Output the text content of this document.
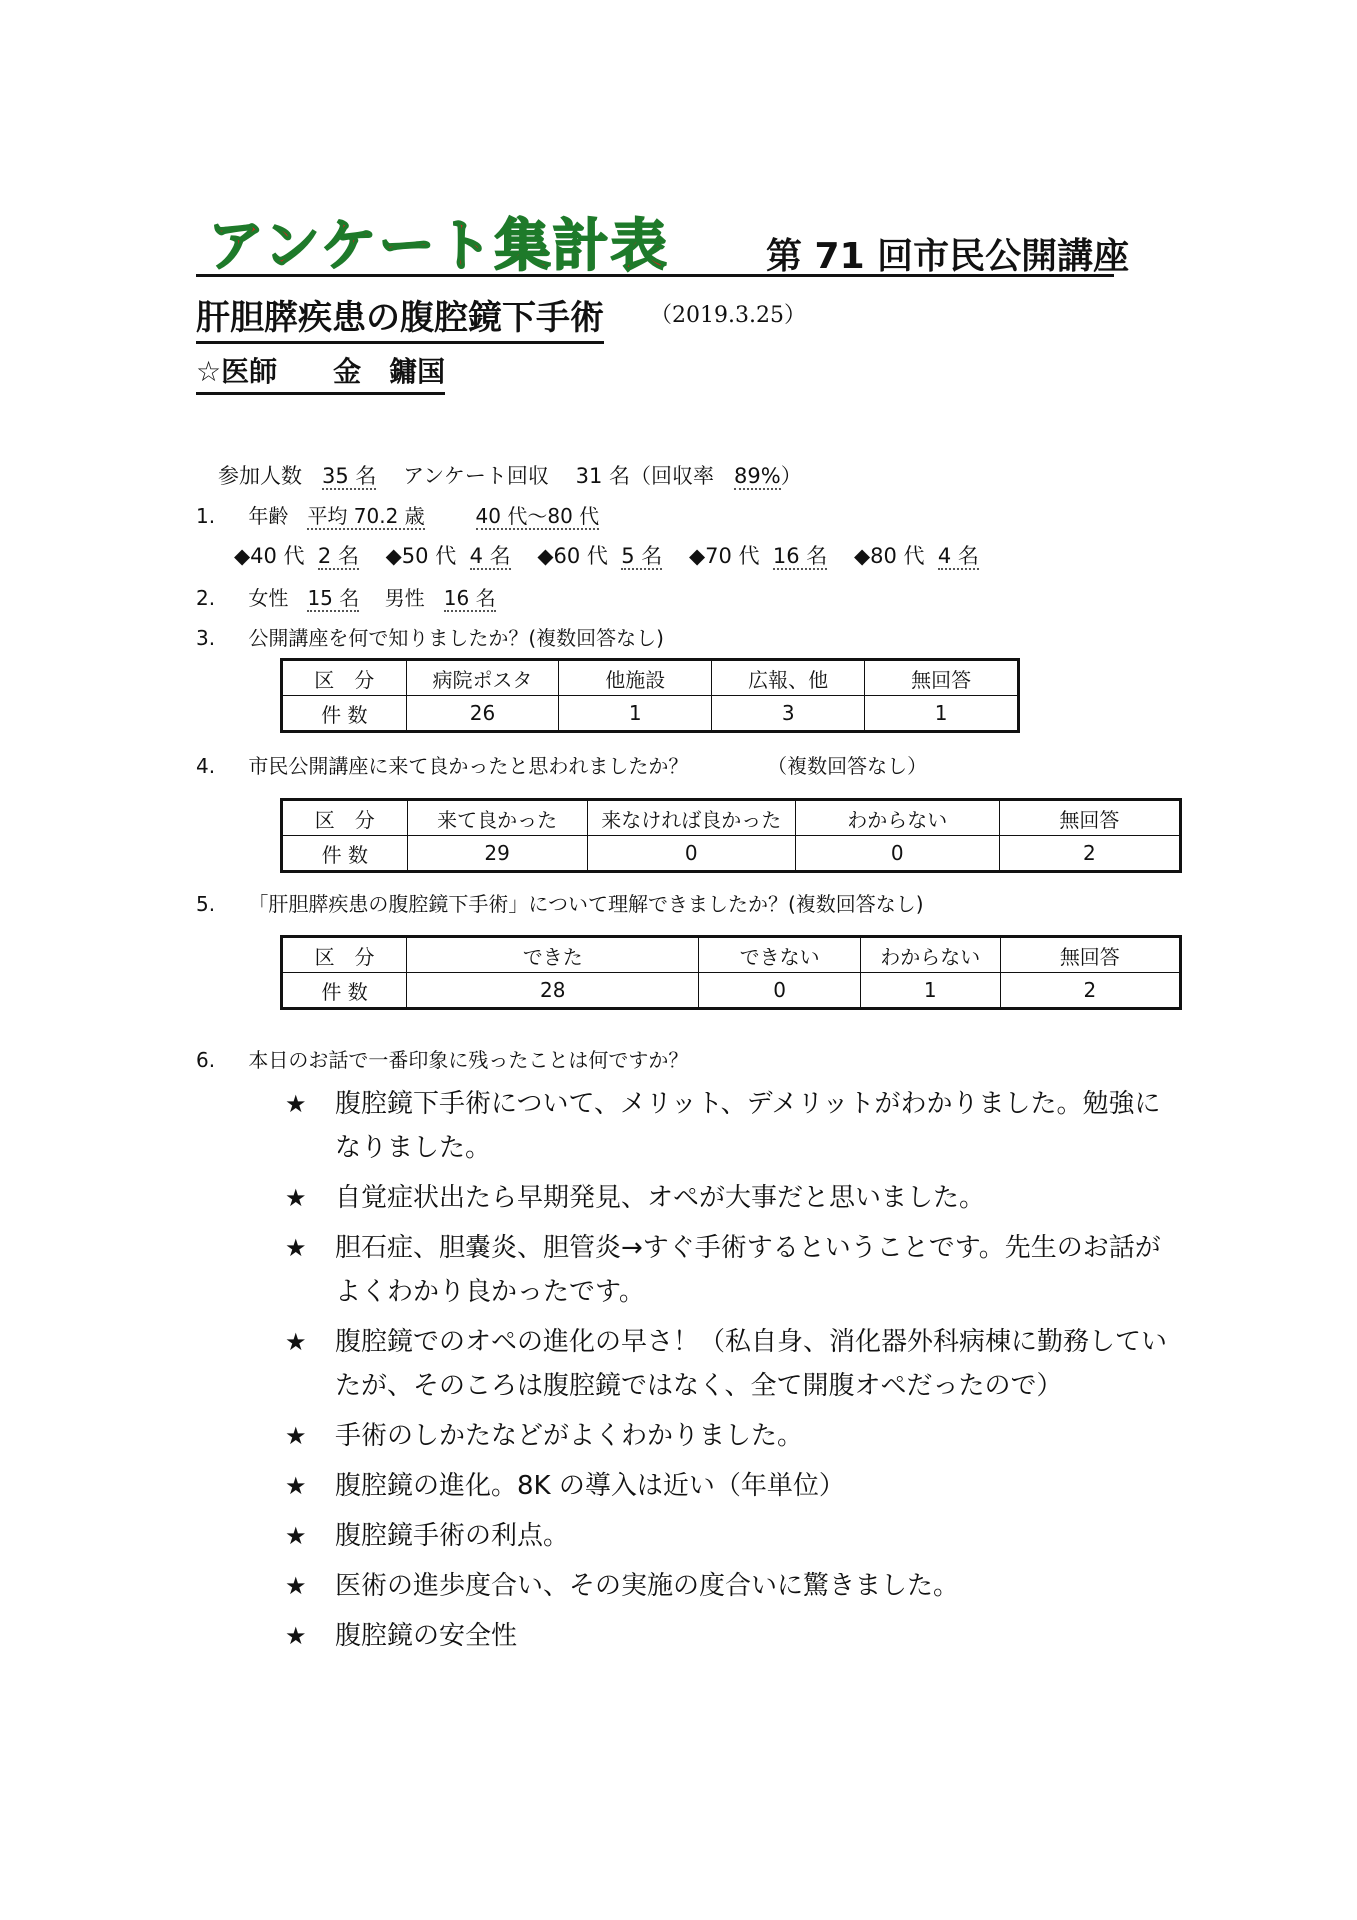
アンケート集計表	第 71 回市民公開講座
肝胆膵疾患の腹腔鏡下手術 （2019.3.25）
☆医師　　金　鏞国
参加人数 35 名 アンケート回収 31 名（回収率 89%）
1. 年齢 平均 70.2 歳	40 代～80 代
◆40 代 2 名 ◆50 代 4 名 ◆60 代 5 名 ◆70 代 16 名 ◆80 代 4 名
2. 女性 15 名 男性 16 名
3. 公開講座を何で知りましたか？(複数回答なし)
区　分	病院ポスタ	他施設	広報、他	無回答
件 数	26	1	3	1
4. 市民公開講座に来て良かったと思われましたか？	（複数回答なし）
区　分	来て良かった	来なければ良かった	わからない	無回答
件 数	29	0	0	2
5. 「肝胆膵疾患の腹腔鏡下手術」について理解できましたか？(複数回答なし)
区　分	できた	できない	わからない	無回答
件 数	28	0	1	2
6. 本日のお話で一番印象に残ったことは何ですか？
★ 腹腔鏡下手術について、メリット、デメリットがわかりました。勉強になりました。
★ 自覚症状出たら早期発見、オペが大事だと思いました。
★ 胆石症、胆嚢炎、胆管炎→すぐ手術するということです。先生のお話がよくわかり良かったです。
★ 腹腔鏡でのオペの進化の早さ！（私自身、消化器外科病棟に勤務していたが、そのころは腹腔鏡ではなく、全て開腹オペだったので）
★ 手術のしかたなどがよくわかりました。
★ 腹腔鏡の進化。8K の導入は近い（年単位）
★ 腹腔鏡手術の利点。
★ 医術の進歩度合い、その実施の度合いに驚きました。
★ 腹腔鏡の安全性
